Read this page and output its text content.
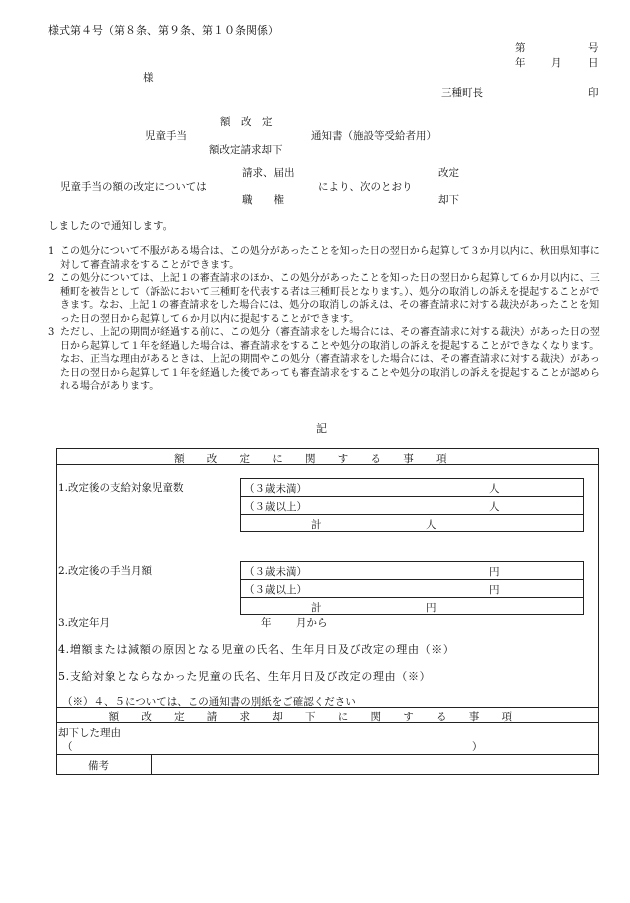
様式第４号（第８条、第９条、第１０条関係）
第	号
年 月	日
様
三種町長	印
額　改　定
児童手当	通知書（施設等受給者用）
額改定請求却下
請求、届出	改定
児童手当の額の改定については	により、次のとおり
職　　権	却下
しましたので通知します。

1 この処分について不服がある場合は、この処分があったことを知った日の翌日から起算して３か月以内に、秋田県知事に対して審査請求をすることができます。

2 この処分については、上記１の審査請求のほか、この処分があったことを知った日の翌日から起算して６か月以内に、三種町を被告として（訴訟において三種町を代表する者は三種町長となります。）、処分の取消しの訴えを提起することができます。なお、上記１の審査請求をした場合には、処分の取消しの訴えは、その審査請求に対する裁決があったことを知った日の翌日から起算して６か月以内に提起することができます。

3 ただし、上記の期間が経過する前に、この処分（審査請求をした場合には、その審査請求に対する裁決）があった日の翌日から起算して１年を経過した場合は、審査請求をすることや処分の取消しの訴えを提起することができなくなります。なお、正当な理由があるときは、上記の期間やこの処分（審査請求をした場合には、その審査請求に対する裁決）があった日の翌日から起算して１年を経過した後であっても審査請求をすることや処分の取消しの訴えを提起することが認められる場合があります。

記
額 改 定 に 関 す る 事 項
1.改定後の支給対象児童数	（３歳未満）	人
（３歳以上）	人
計	人
2.改定後の手当月額	（３歳未満）	円
（３歳以上）	円
計	円
3.改定年月	年 月から
4.増額または減額の原因となる児童の氏名、生年月日及び改定の理由（※）
5.支給対象とならなかった児童の氏名、生年月日及び改定の理由（※）
（※）４、５については、この通知書の別紙をご確認ください
額 改 定 請 求 却 下 に 関 す る 事 項
却下した理由
（	）
備考
